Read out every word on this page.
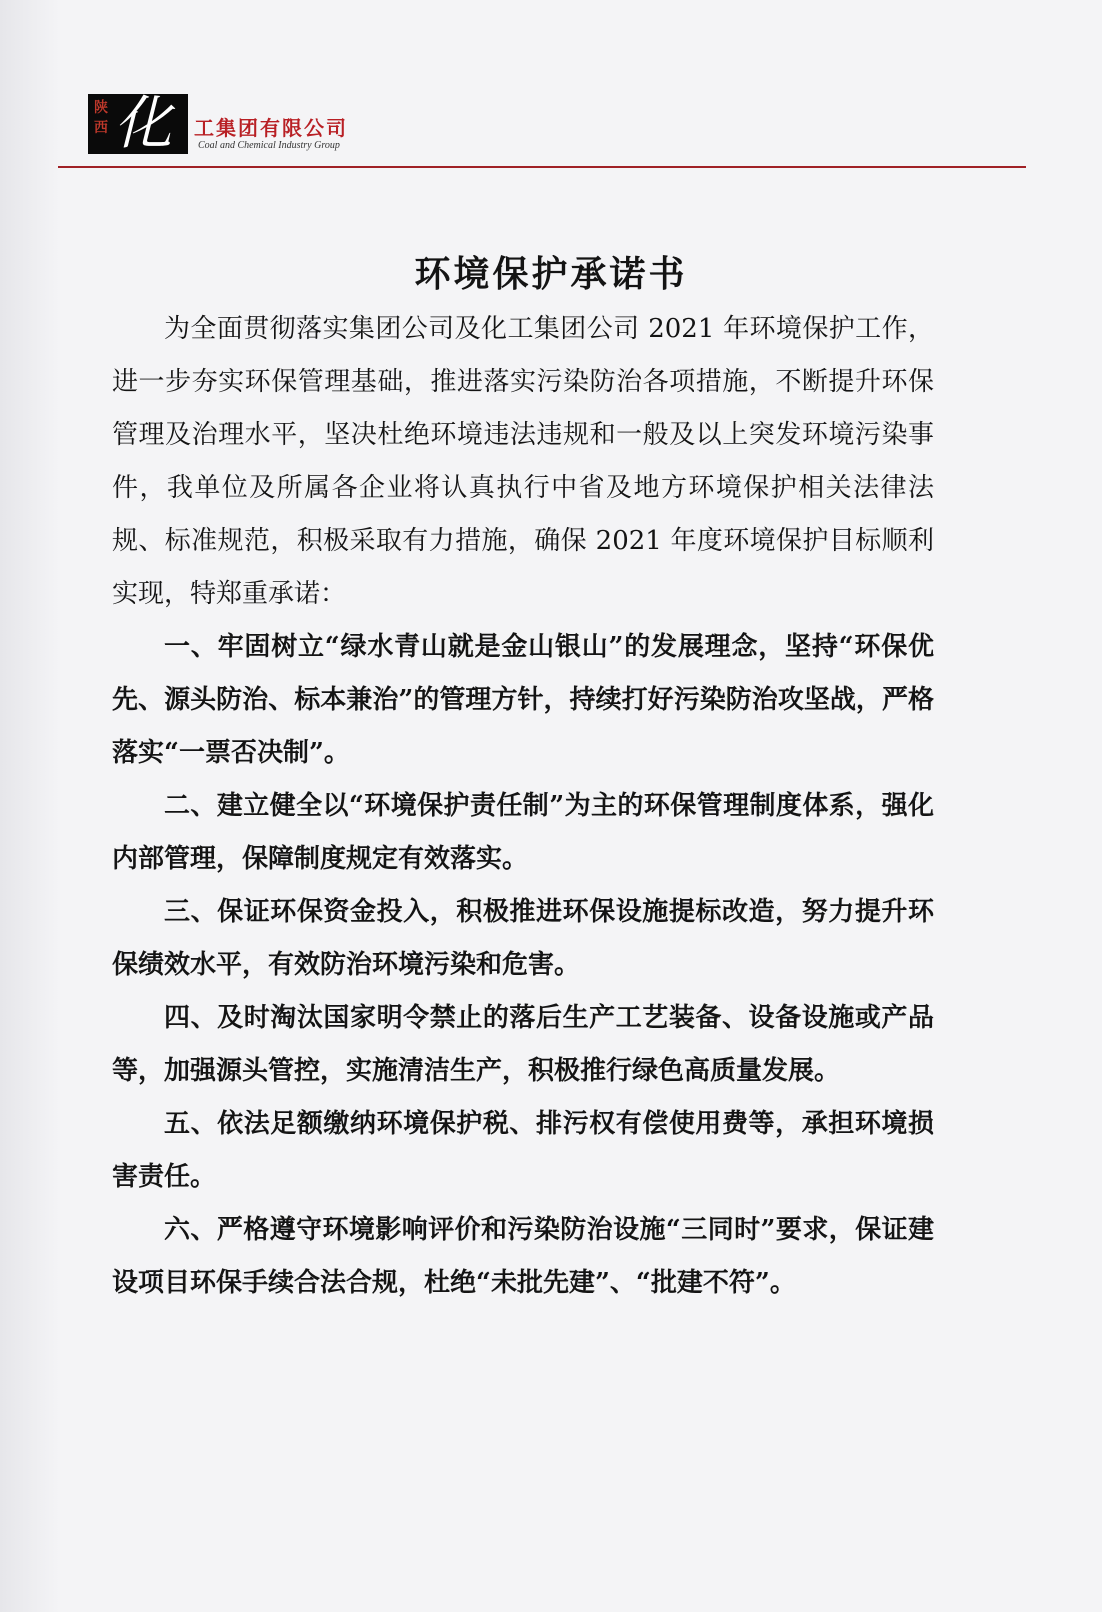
陕西 化 工集团有限公司
Coal and Chemical Industry Group
环境保护承诺书

为全面贯彻落实集团公司及化工集团公司 2021 年环境保护工作，进一步夯实环保管理基础，推进落实污染防治各项措施，不断提升环保管理及治理水平，坚决杜绝环境违法违规和一般及以上突发环境污染事件，我单位及所属各企业将认真执行中省及地方环境保护相关法律法规、标准规范，积极采取有力措施，确保 2021 年度环境保护目标顺利实现，特郑重承诺：

一、牢固树立“绿水青山就是金山银山”的发展理念，坚持“环保优先、源头防治、标本兼治”的管理方针，持续打好污染防治攻坚战，严格落实“一票否决制”。

二、建立健全以“环境保护责任制”为主的环保管理制度体系，强化内部管理，保障制度规定有效落实。

三、保证环保资金投入，积极推进环保设施提标改造，努力提升环保绩效水平，有效防治环境污染和危害。

四、及时淘汰国家明令禁止的落后生产工艺装备、设备设施或产品等，加强源头管控，实施清洁生产，积极推行绿色高质量发展。

五、依法足额缴纳环境保护税、排污权有偿使用费等，承担环境损害责任。

六、严格遵守环境影响评价和污染防治设施“三同时”要求，保证建设项目环保手续合法合规，杜绝“未批先建”、“批建不符”。
